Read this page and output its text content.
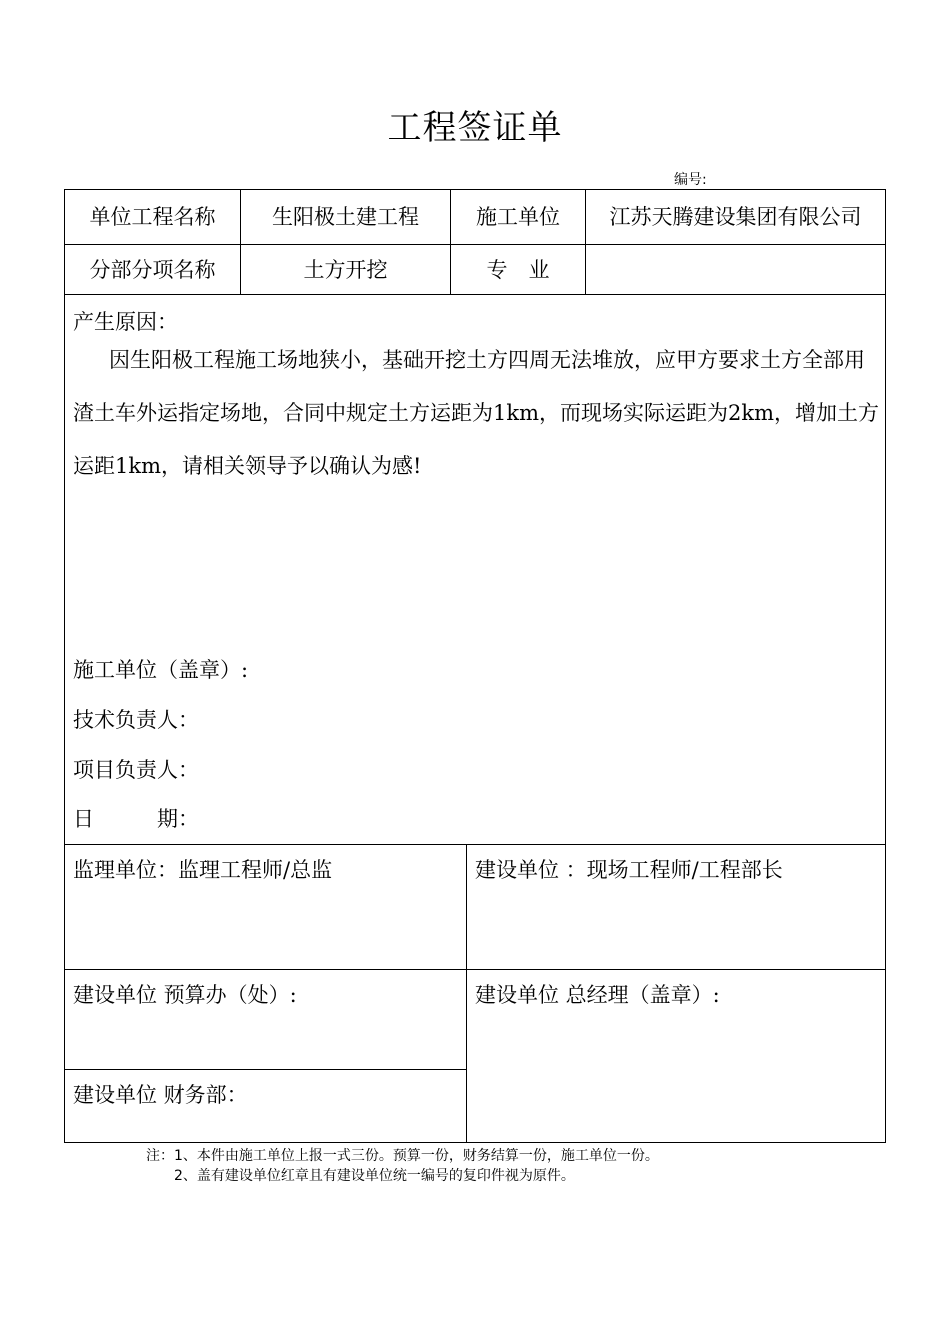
工程签证单
编号:
单位工程名称	生阳极土建工程	施工单位	江苏天腾建设集团有限公司
分部分项名称	土方开挖	专　业
产生原因：
因生阳极工程施工场地狭小，基础开挖土方四周无法堆放，应甲方要求土方全部用渣土车外运指定场地，合同中规定土方运距为1km，而现场实际运距为2km，增加土方运距1km，请相关领导予以确认为感!
施工单位（盖章）:
技术负责人：
项目负责人：
日　　　期：
监理单位：监理工程师/总监	建设单位 ：现场工程师/工程部长
建设单位 预算办（处）:	建设单位 总经理（盖章）:
建设单位 财务部：
注：1、本件由施工单位上报一式三份。预算一份，财务结算一份，施工单位一份。
2、盖有建设单位红章且有建设单位统一编号的复印件视为原件。
